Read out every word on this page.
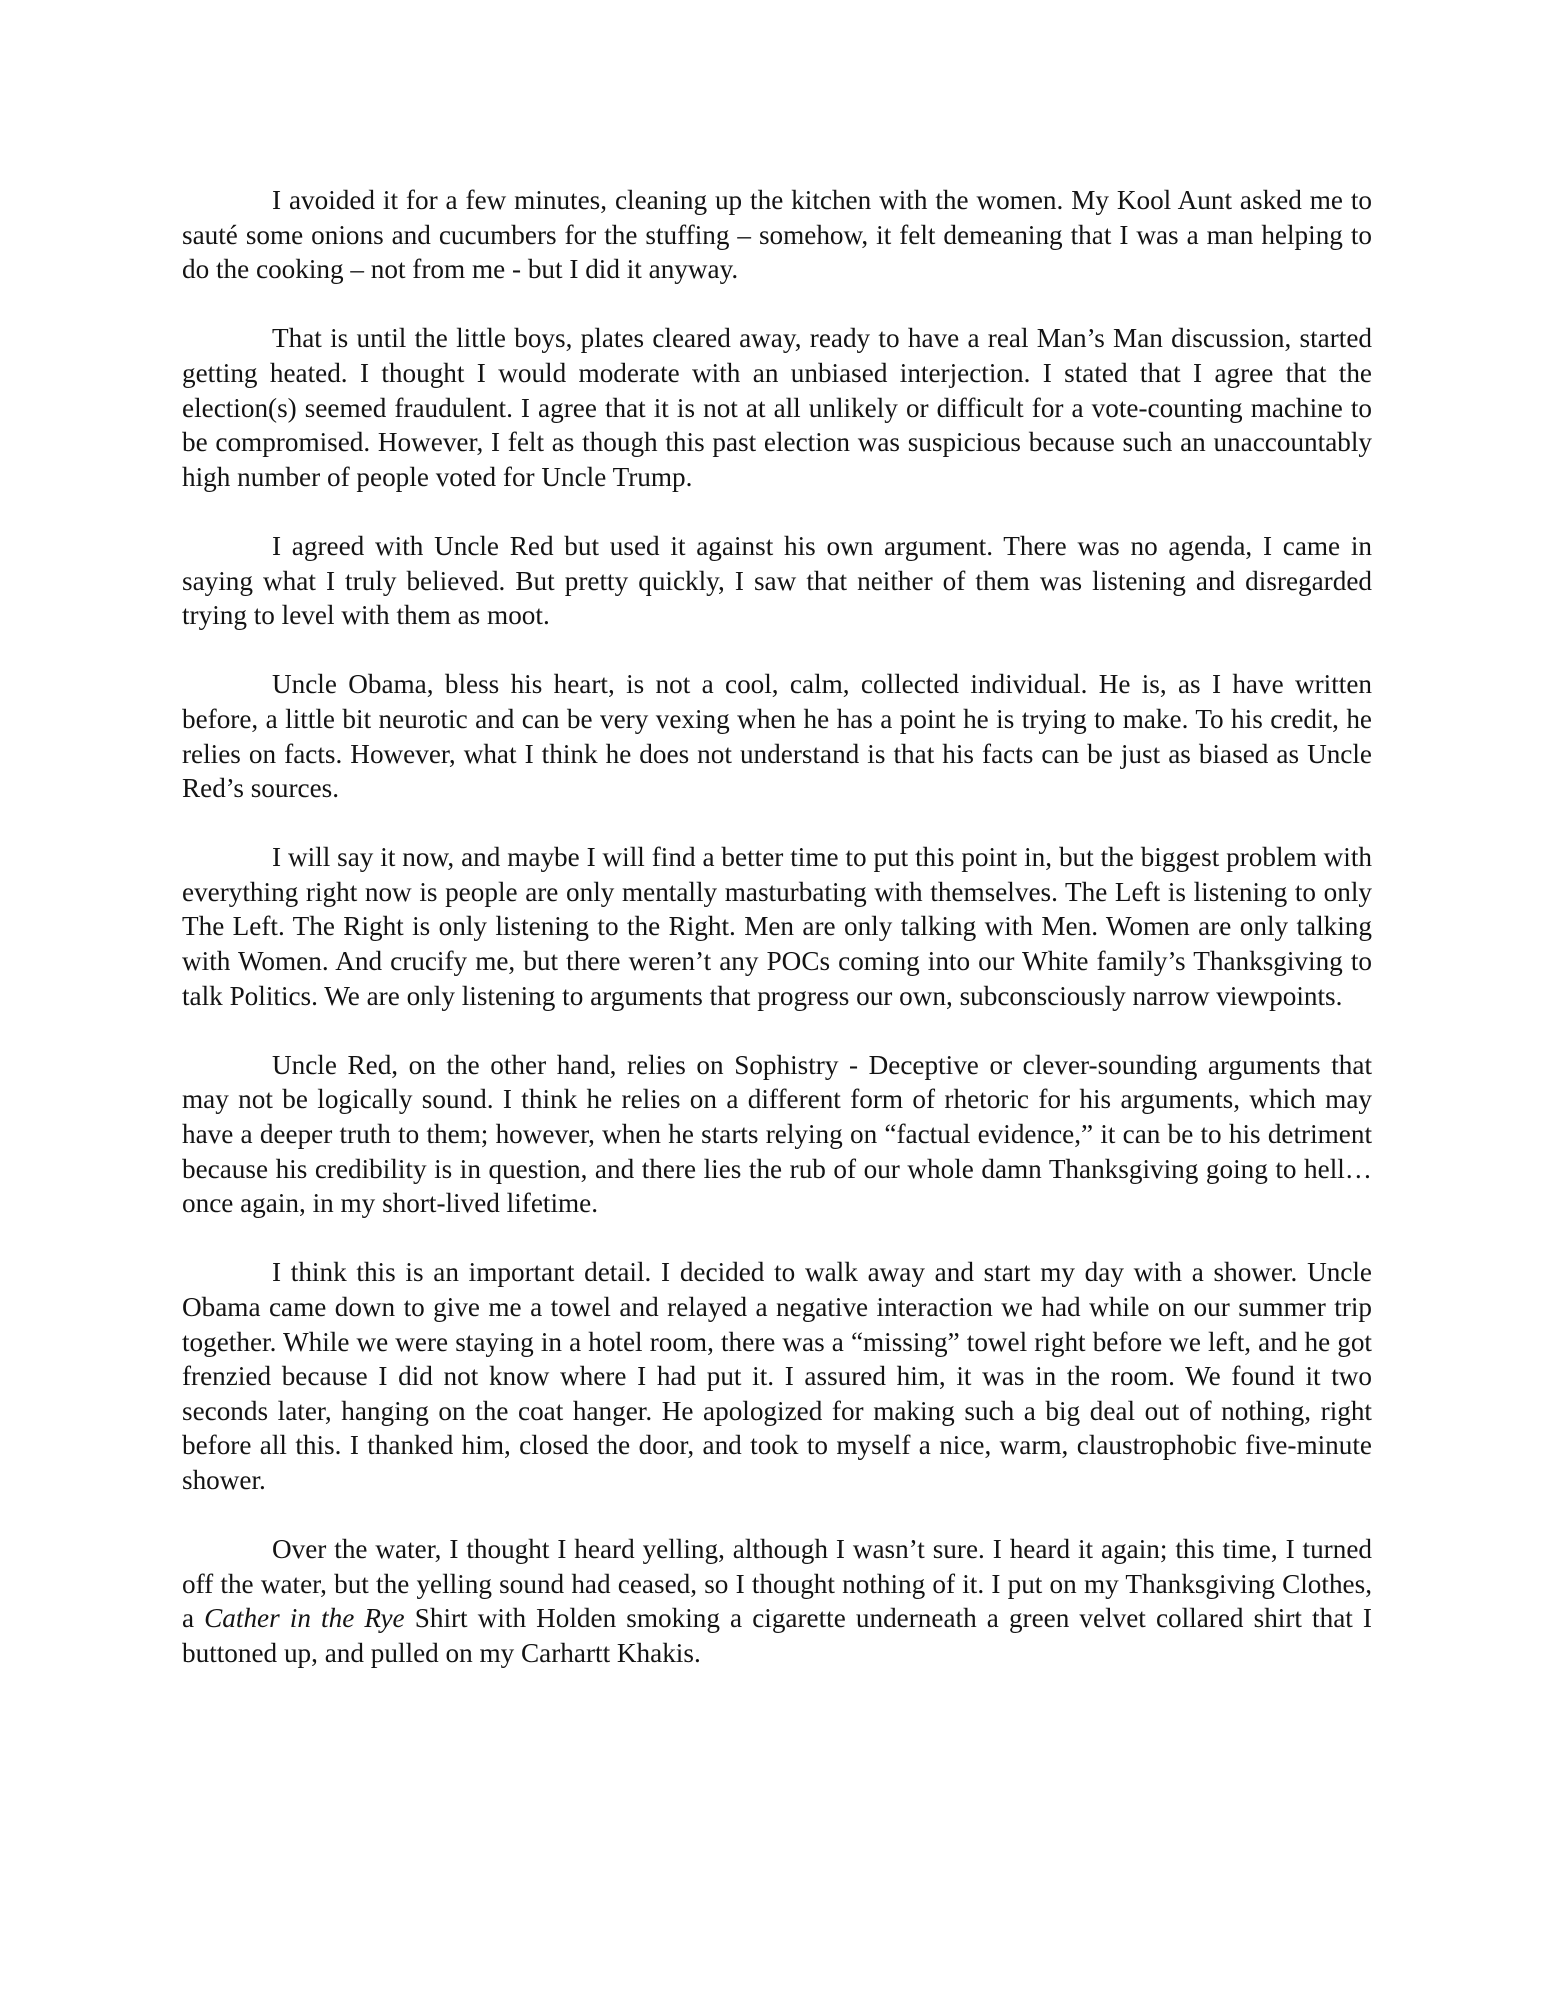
I avoided it for a few minutes, cleaning up the kitchen with the women. My Kool Aunt asked me to sauté some onions and cucumbers for the stuffing – somehow, it felt demeaning that I was a man helping to do the cooking – not from me - but I did it anyway.

That is until the little boys, plates cleared away, ready to have a real Man’s Man discussion, started getting heated. I thought I would moderate with an unbiased interjection. I stated that I agree that the election(s) seemed fraudulent. I agree that it is not at all unlikely or difficult for a vote-counting machine to be compromised. However, I felt as though this past election was suspicious because such an unaccountably high number of people voted for Uncle Trump.

I agreed with Uncle Red but used it against his own argument. There was no agenda, I came in saying what I truly believed. But pretty quickly, I saw that neither of them was listening and disregarded trying to level with them as moot.

Uncle Obama, bless his heart, is not a cool, calm, collected individual. He is, as I have written before, a little bit neurotic and can be very vexing when he has a point he is trying to make. To his credit, he relies on facts. However, what I think he does not understand is that his facts can be just as biased as Uncle Red’s sources.

I will say it now, and maybe I will find a better time to put this point in, but the biggest problem with everything right now is people are only mentally masturbating with themselves. The Left is listening to only The Left. The Right is only listening to the Right. Men are only talking with Men. Women are only talking with Women. And crucify me, but there weren’t any POCs coming into our White family’s Thanksgiving to talk Politics. We are only listening to arguments that progress our own, subconsciously narrow viewpoints.

Uncle Red, on the other hand, relies on Sophistry - Deceptive or clever-sounding arguments that may not be logically sound. I think he relies on a different form of rhetoric for his arguments, which may have a deeper truth to them; however, when he starts relying on “factual evidence,” it can be to his detriment because his credibility is in question, and there lies the rub of our whole damn Thanksgiving going to hell…once again, in my short-lived lifetime.

I think this is an important detail. I decided to walk away and start my day with a shower. Uncle Obama came down to give me a towel and relayed a negative interaction we had while on our summer trip together. While we were staying in a hotel room, there was a “missing” towel right before we left, and he got frenzied because I did not know where I had put it. I assured him, it was in the room. We found it two seconds later, hanging on the coat hanger. He apologized for making such a big deal out of nothing, right before all this. I thanked him, closed the door, and took to myself a nice, warm, claustrophobic five-minute shower.

Over the water, I thought I heard yelling, although I wasn’t sure. I heard it again; this time, I turned off the water, but the yelling sound had ceased, so I thought nothing of it. I put on my Thanksgiving Clothes, a Cather in the Rye Shirt with Holden smoking a cigarette underneath a green velvet collared shirt that I buttoned up, and pulled on my Carhartt Khakis.
